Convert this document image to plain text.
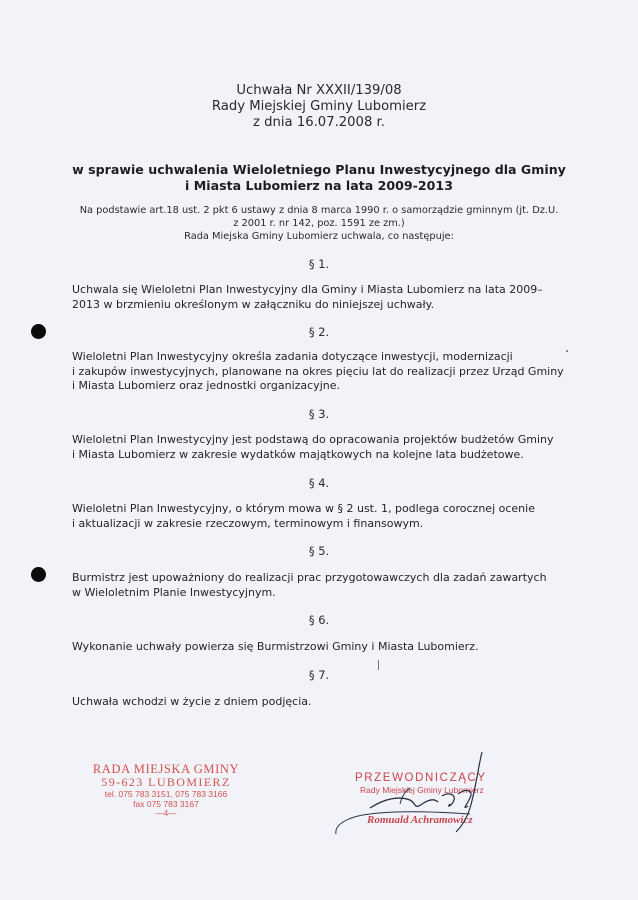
Uchwała Nr XXXII/139/08
Rady Miejskiej Gminy Lubomierz
z dnia 16.07.2008 r.
w sprawie uchwalenia Wieloletniego Planu Inwestycyjnego dla Gminy
i Miasta Lubomierz na lata 2009-2013
Na podstawie art.18 ust. 2 pkt 6 ustawy z dnia 8 marca 1990 r. o samorządzie gminnym (jt. Dz.U.
z 2001 r. nr 142, poz. 1591 ze zm.)
Rada Miejska Gminy Lubomierz uchwala, co następuje:
§ 1.
Uchwala się Wieloletni Plan Inwestycyjny dla Gminy i Miasta Lubomierz na lata 2009–
2013 w brzmieniu określonym w załączniku do niniejszej uchwały.
§ 2.
Wieloletni Plan Inwestycyjny określa zadania dotyczące inwestycji, modernizacji
i zakupów inwestycyjnych, planowane na okres pięciu lat do realizacji przez Urząd Gminy
i Miasta Lubomierz oraz jednostki organizacyjne.
§ 3.
Wieloletni Plan Inwestycyjny jest podstawą do opracowania projektów budżetów Gminy
i Miasta Lubomierz w zakresie wydatków majątkowych na kolejne lata budżetowe.
§ 4.
Wieloletni Plan Inwestycyjny, o którym mowa w § 2 ust. 1, podlega corocznej ocenie
i aktualizacji w zakresie rzeczowym, terminowym i finansowym.
§ 5.
Burmistrz jest upoważniony do realizacji prac przygotowawczych dla zadań zawartych
w Wieloletnim Planie Inwestycyjnym.
§ 6.
Wykonanie uchwały powierza się Burmistrzowi Gminy i Miasta Lubomierz.
§ 7.
Uchwała wchodzi w życie z dniem podjęcia.
RADA MIEJSKA GMINY
59-623 LUBOMIERZ
tel. 075 783 3151, 075 783 3166
fax 075 783 3167
—4—
PRZEWODNICZĄCY
Rady Miejskiej Gminy Lubomierz
Romuald Achramowicz
